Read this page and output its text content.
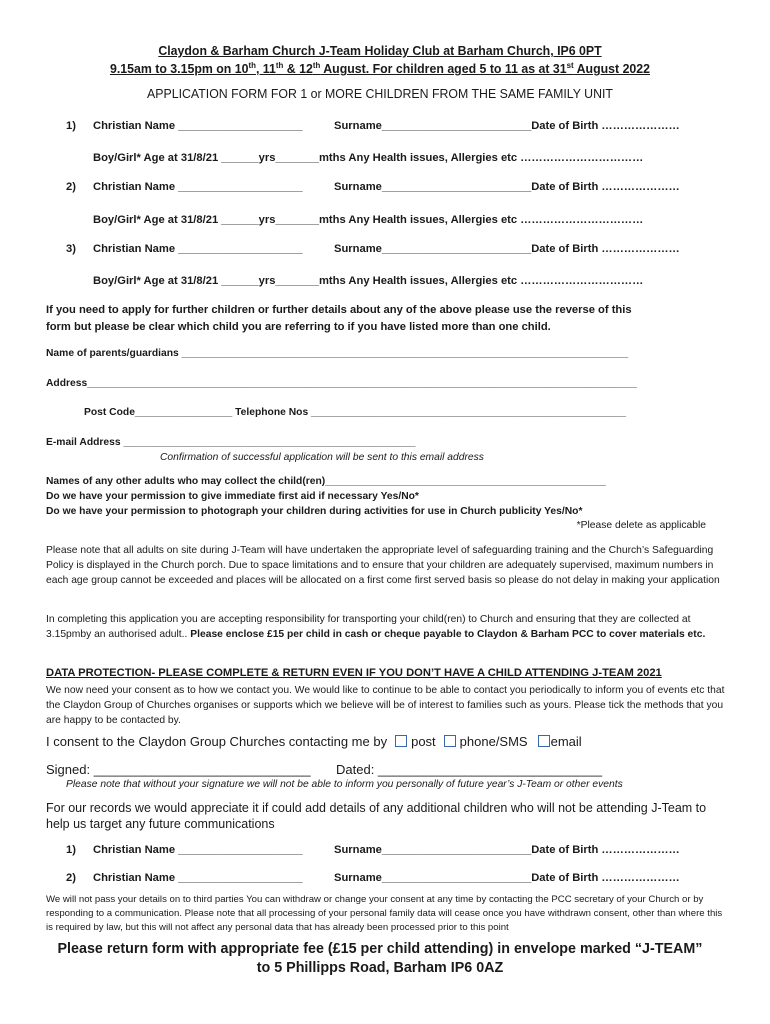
Claydon & Barham Church J-Team Holiday Club at Barham Church, IP6 0PT
9.15am to 3.15pm on 10th, 11th & 12th August. For children aged 5 to 11 as at 31st August 2022
APPLICATION FORM FOR 1 or MORE CHILDREN FROM THE SAME FAMILY UNIT
1) Christian Name ____________________	Surname________________________Date of Birth …………………
Boy/Girl* Age at 31/8/21 ______yrs_______mths Any Health issues, Allergies etc ……………………………
2) Christian Name ____________________	Surname________________________Date of Birth …………………
Boy/Girl* Age at 31/8/21 ______yrs_______mths Any Health issues, Allergies etc ……………………………
3) Christian Name ____________________	Surname________________________Date of Birth …………………
Boy/Girl* Age at 31/8/21 ______yrs_______mths Any Health issues, Allergies etc ……………………………
If you need to apply for further children or further details about any of the above please use the reverse of this
form but please be clear which child you are referring to if you have listed more than one child.
Name of parents/guardians ______________________________________________________________________________
Address________________________________________________________________________________________________
Post Code_________________ Telephone Nos _______________________________________________________
E-mail Address ___________________________________________________
Confirmation of successful application will be sent to this email address
Names of any other adults who may collect the child(ren)_________________________________________________
Do we have your permission to give immediate first aid if necessary Yes/No*
Do we have your permission to photograph your children during activities for use in Church publicity Yes/No*
*Please delete as applicable
Please note that all adults on site during J-Team will have undertaken the appropriate level of safeguarding training and the Church’s Safeguarding Policy is displayed in the Church porch. Due to space limitations and to ensure that your children are adequately supervised, maximum numbers in each age group cannot be exceeded and places will be allocated on a first come first served basis so please do not delay in making your application
In completing this application you are accepting responsibility for transporting your child(ren) to Church and ensuring that they are collected at 3.15pmby an authorised adult.. Please enclose £15 per child in cash or cheque payable to Claydon & Barham PCC to cover materials etc.
DATA PROTECTION- PLEASE COMPLETE & RETURN EVEN IF YOU DON’T HAVE A CHILD ATTENDING J-TEAM 2021
We now need your consent as to how we contact you. We would like to continue to be able to contact you periodically to inform you of events etc that the Claydon Group of Churches organises or supports which we believe will be of interest to families such as yours. Please tick the methods that you are happy to be contacted by.
I consent to the Claydon Group Churches contacting me by post phone/SMS email
Signed: ______________________________ Dated: _______________________________
Please note that without your signature we will not be able to inform you personally of future year’s J-Team or other events
For our records we would appreciate it if could add details of any additional children who will not be attending J-Team to help us target any future communications
1) Christian Name ____________________	Surname________________________Date of Birth …………………
2) Christian Name ____________________	Surname________________________Date of Birth …………………
We will not pass your details on to third parties You can withdraw or change your consent at any time by contacting the PCC secretary of your Church or by responding to a communication. Please note that all processing of your personal family data will cease once you have withdrawn consent, other than where this is required by law, but this will not affect any personal data that has already been processed prior to this point
Please return form with appropriate fee (£15 per child attending) in envelope marked “J-TEAM”
to 5 Phillipps Road, Barham IP6 0AZ
